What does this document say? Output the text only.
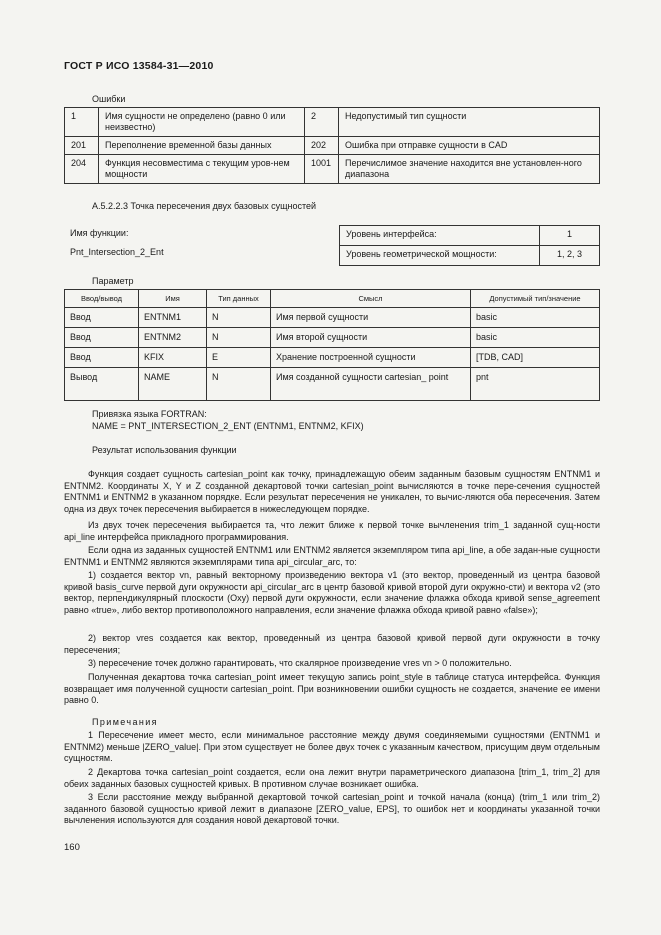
ГОСТ Р ИСО 13584-31—2010
Ошибки
1	Имя сущности не определено (равно 0 или неизвестно)	2	Недопустимый тип сущности
201	Переполнение временной базы данных	202	Ошибка при отправке сущности в CAD
204	Функция несовместима с текущим уров-нем мощности	1001	Перечислимое значение находится вне установлен-ного диапазона
А.5.2.2.3 Точка пересечения двух базовых сущностей
Имя функции:
Pnt_Intersection_2_Ent
Уровень интерфейса:	1
Уровень геометрической мощности:	1, 2, 3
Параметр
Ввод/вывод	Имя	Тип данных	Смысл	Допустимый тип/значение
Ввод	ENTNM1	N	Имя первой сущности	basic
Ввод	ENTNM2	N	Имя второй сущности	basic
Ввод	KFIX	E	Хранение построенной сущности	[TDB, CAD]
Вывод	NAME	N	Имя созданной сущности cartesian_ point	pnt
Привязка языка FORTRAN:
NAME = PNT_INTERSECTION_2_ENT (ENTNM1, ENTNM2, KFIX)
Результат использования функции
Функция создает сущность cartesian_point как точку, принадлежащую обеим заданным базовым сущностям ENTNM1 и ENTNM2. Координаты X, Y и Z созданной декартовой точки cartesian_point вычисляются в точке пере-сечения сущностей ENTNM1 и ENTNM2 в указанном порядке. Если результат пересечения не уникален, то вычис-ляются оба пересечения. Затем одна из двух точек пересечения выбирается в нижеследующем порядке.
Из двух точек пересечения выбирается та, что лежит ближе к первой точке вычленения trim_1 заданной сущ-ности api_line интерфейса прикладного программирования.
Если одна из заданных сущностей ENTNM1 или ENTNM2 является экземпляром типа api_line, а обе задан-ные сущности ENTNM1 и ENTNM2 являются экземплярами типа api_circular_arc, то:
1) создается вектор vn, равный векторному произведению вектора v1 (это вектор, проведенный из центра базовой кривой basis_curve первой дуги окружности api_circular_arc в центр базовой кривой второй дуги окружно-сти) и вектора v2 (это вектор, перпендикулярный плоскости (Oxy) первой дуги окружности, если значение флажка обхода кривой sense_agreement равно «true», либо вектор противоположного направления, если значение флажка обхода кривой равно «false»);
2) вектор vres создается как вектор, проведенный из центра базовой кривой первой дуги окружности в точку пересечения;
3) пересечение точек должно гарантировать, что скалярное произведение vres vn > 0 положительно.
Полученная декартова точка cartesian_point имеет текущую запись point_style в таблице статуса интерфейса. Функция возвращает имя полученной сущности cartesian_point. При возникновении ошибки сущность не создается, значение ее имени равно 0.
Примечания
1 Пересечение имеет место, если минимальное расстояние между двумя соединяемыми сущностями (ENTNM1 и ENTNM2) меньше |ZERO_value|. При этом существует не более двух точек с указанным качеством, присущим двум отдельным сущностям.
2 Декартова точка cartesian_point создается, если она лежит внутри параметрического диапазона [trim_1, trim_2] для обеих заданных базовых сущностей кривых. В противном случае возникает ошибка.
3 Если расстояние между выбранной декартовой точкой cartesian_point и точкой начала (конца) (trim_1 или trim_2) заданного базовой сущностью кривой лежит в диапазоне [ZERO_value, EPS], то ошибок нет и координаты указанной точки вычленения используются для создания новой декартовой точки.
160
